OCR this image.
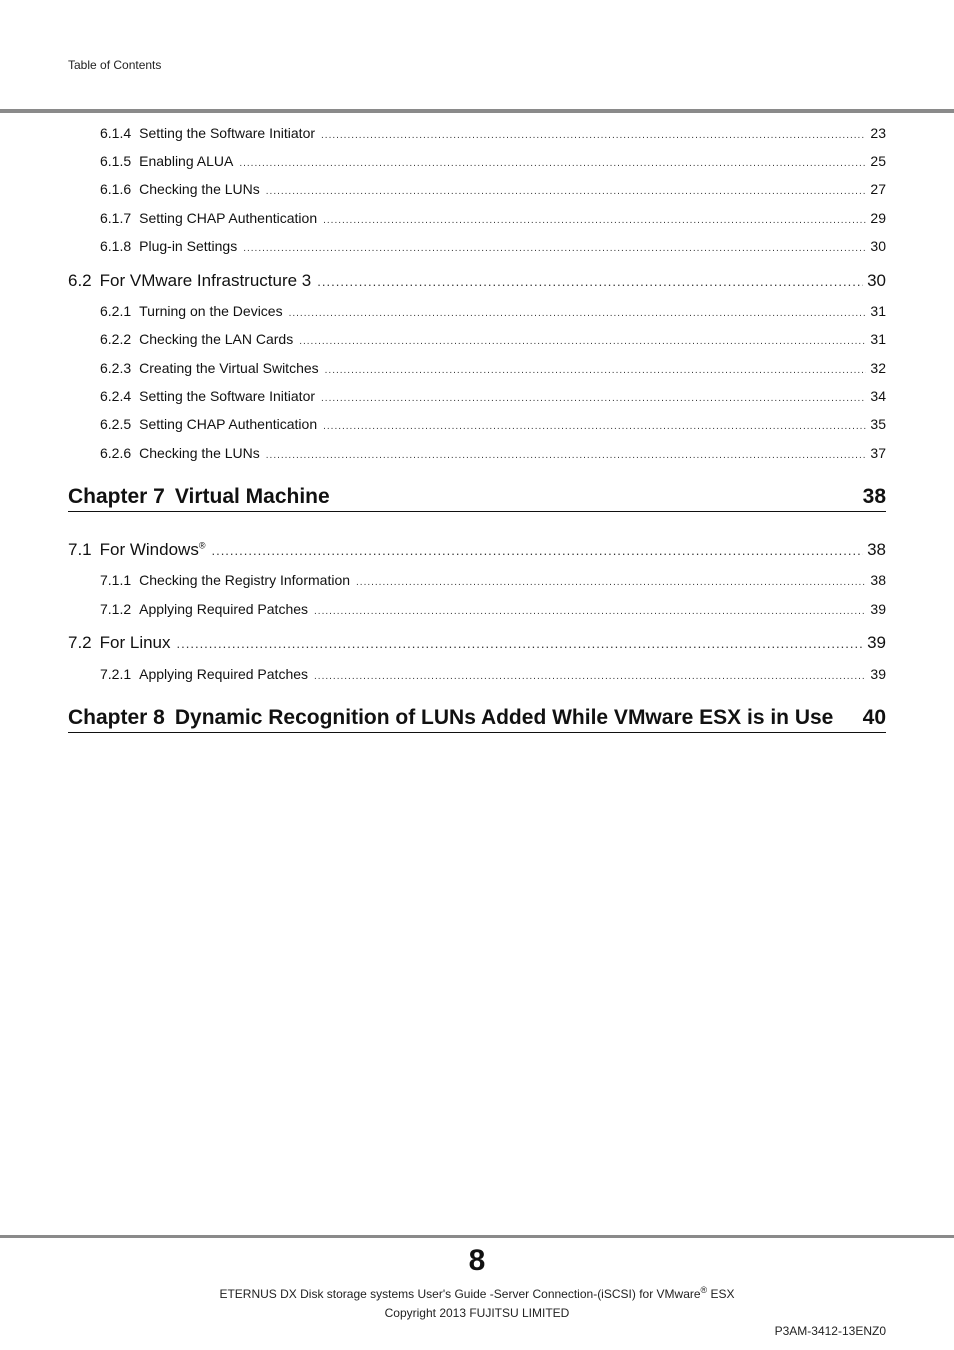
Table of Contents
6.1.4 Setting the Software Initiator .....	23
6.1.5 Enabling ALUA .....	25
6.1.6 Checking the LUNs .....	27
6.1.7 Setting CHAP Authentication .....	29
6.1.8 Plug-in Settings .....	30
6.2 For VMware Infrastructure 3 .....	30
6.2.1 Turning on the Devices .....	31
6.2.2 Checking the LAN Cards .....	31
6.2.3 Creating the Virtual Switches .....	32
6.2.4 Setting the Software Initiator .....	34
6.2.5 Setting CHAP Authentication .....	35
6.2.6 Checking the LUNs .....	37
Chapter 7 Virtual Machine	38
7.1 For Windows® .....	38
7.1.1 Checking the Registry Information .....	38
7.1.2 Applying Required Patches .....	39
7.2 For Linux .....	39
7.2.1 Applying Required Patches .....	39
Chapter 8 Dynamic Recognition of LUNs Added While VMware ESX is in Use 40
8
ETERNUS DX Disk storage systems User's Guide -Server Connection-(iSCSI) for VMware® ESX
Copyright 2013 FUJITSU LIMITED
P3AM-3412-13ENZ0
